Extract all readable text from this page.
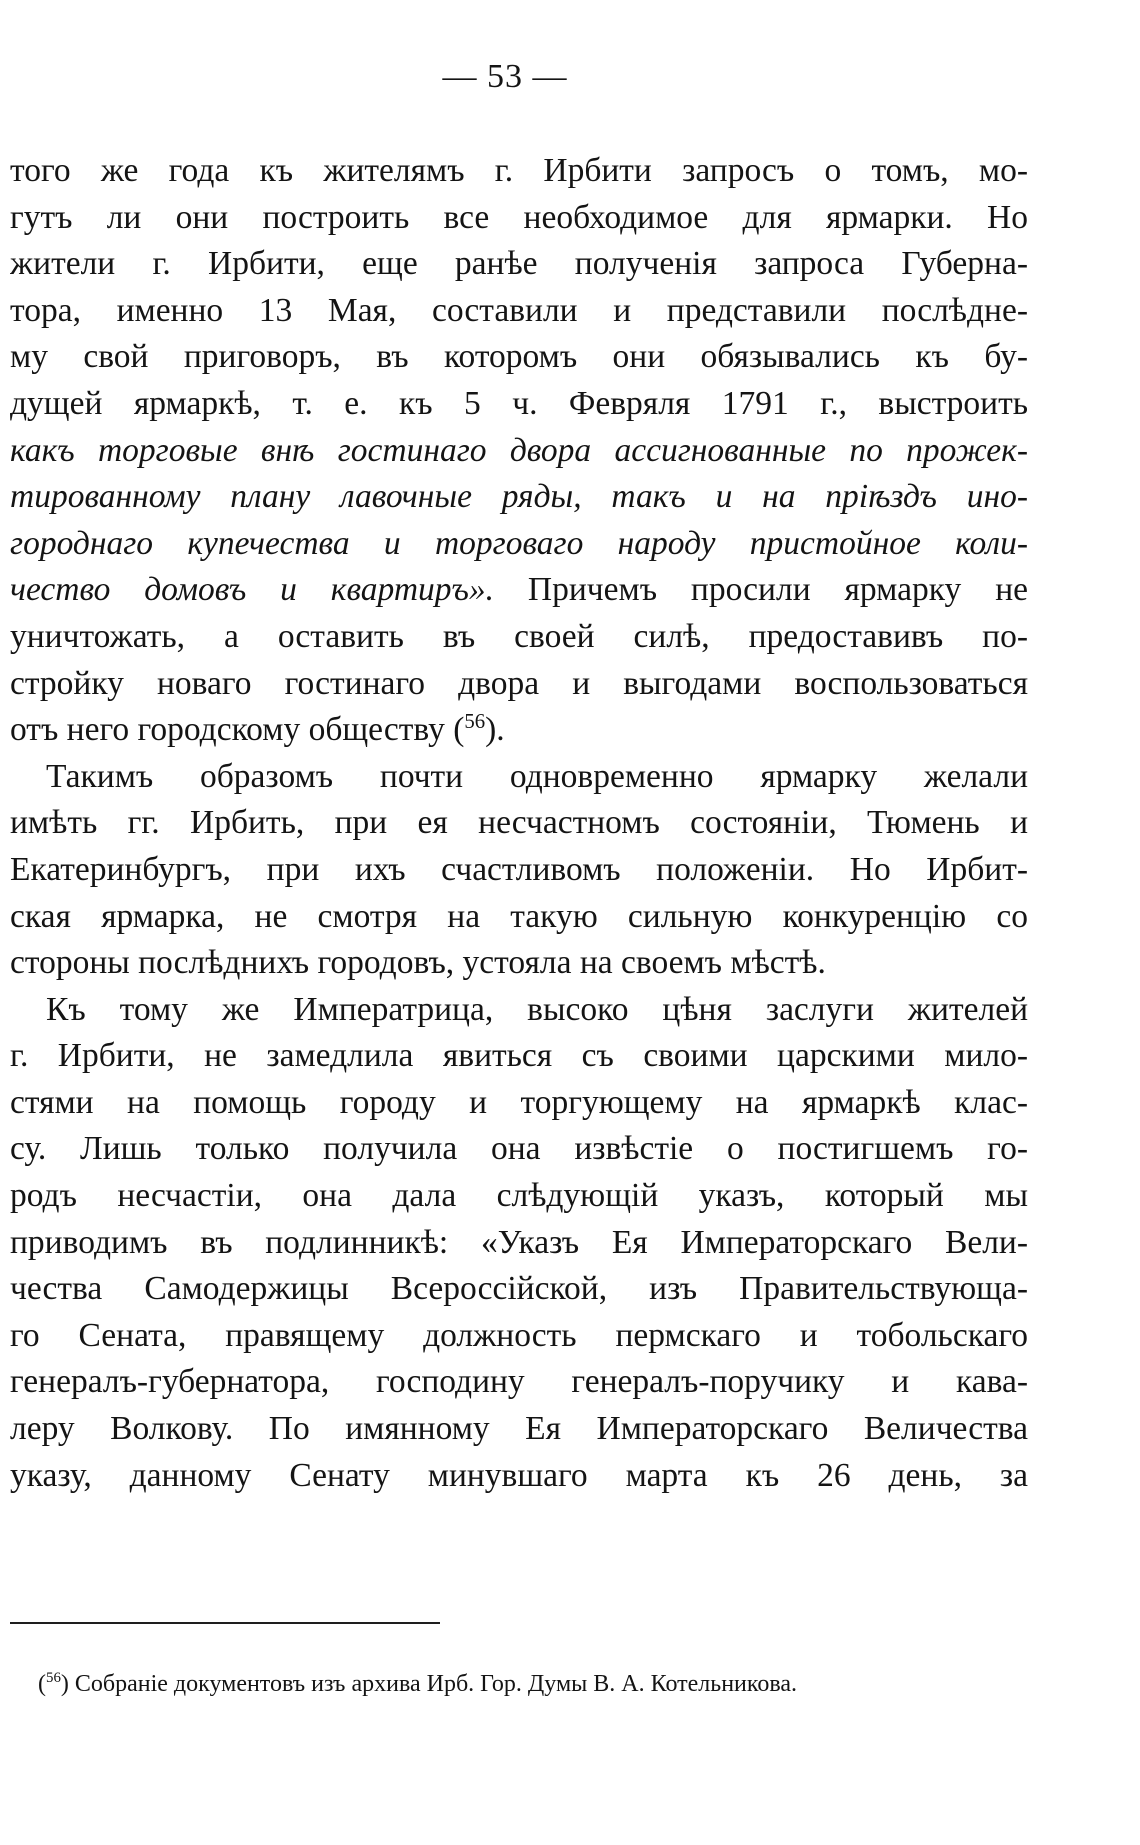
— 53 —
того же года къ жителямъ г. Ирбити запросъ о томъ, мо-
гутъ ли они построить все необходимое для ярмарки. Но
жители г. Ирбити, еще ранѣе полученія запроса Губерна-
тора, именно 13 Мая, составили и представили послѣдне-
му свой приговоръ, въ которомъ они обязывались къ бу-
дущей ярмаркѣ, т. е. къ 5 ч. Февряля 1791 г., выстроить
какъ торговые внѣ гостинаго двора ассигнованные по прожек-
тированному плану лавочные ряды, такъ и на пріѣздъ ино-
городнаго купечества и торговаго народу пристойное коли-
чество домовъ и квартиръ». Причемъ просили ярмарку не
уничтожать, а оставить въ своей силѣ, предоставивъ по-
стройку новаго гостинаго двора и выгодами воспользоваться
отъ него городскому обществу ($^{56}$).
Такимъ образомъ почти одновременно ярмарку желали
имѣть гг. Ирбить, при ея несчастномъ состояніи, Тюмень и
Екатеринбургъ, при ихъ счастливомъ положеніи. Но Ирбит-
ская ярмарка, не смотря на такую сильную конкуренцію со
стороны послѣднихъ городовъ, устояла на своемъ мѣстѣ.
Къ тому же Императрица, высоко цѣня заслуги жителей
г. Ирбити, не замедлила явиться съ своими царскими мило-
стями на помощь городу и торгующему на ярмаркѣ клас-
су. Лишь только получила она извѣстіе о постигшемъ го-
родъ несчастіи, она дала слѣдующій указъ, который мы
приводимъ въ подлинникѣ: «Указъ Ея Императорскаго Вели-
чества Самодержицы Всероссійской, изъ Правительствующа-
го Сената, правящему должность пермскаго и тобольскаго
генералъ-губернатора, господину генералъ-поручику и кава-
леру Волкову. По имянному Ея Императорскаго Величества
указу, данному Сенату минувшаго марта къ 26 день, за
($^{56}$) Собраніе документовъ изъ архива Ирб. Гор. Думы В. А. Котельникова.
